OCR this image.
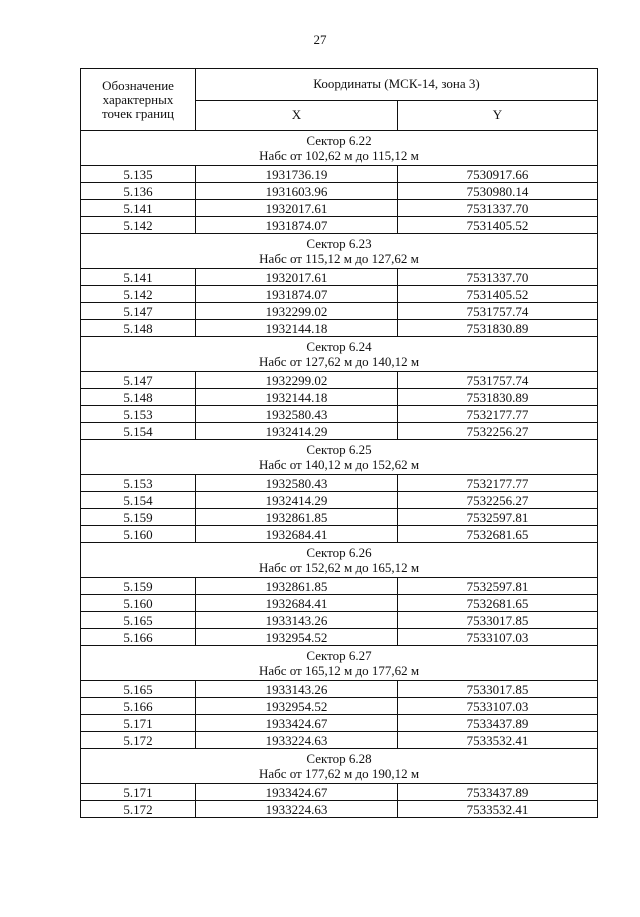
27
Обозначение
характерных
точек границ	Координаты (МСК-14, зона 3)	
	X	Y

Сектор 6.22
Набс от 102,62 м до 115,12 м		

5.135	1931736.19	7530917.66
5.136	1931603.96	7530980.14
5.141	1932017.61	7531337.70
5.142	1931874.07	7531405.52

Сектор 6.23
Набс от 115,12 м до 127,62 м		

5.141	1932017.61	7531337.70
5.142	1931874.07	7531405.52
5.147	1932299.02	7531757.74
5.148	1932144.18	7531830.89

Сектор 6.24
Набс от 127,62 м до 140,12 м		

5.147	1932299.02	7531757.74
5.148	1932144.18	7531830.89
5.153	1932580.43	7532177.77
5.154	1932414.29	7532256.27

Сектор 6.25
Набс от 140,12 м до 152,62 м		

5.153	1932580.43	7532177.77
5.154	1932414.29	7532256.27
5.159	1932861.85	7532597.81
5.160	1932684.41	7532681.65

Сектор 6.26
Набс от 152,62 м до 165,12 м		

5.159	1932861.85	7532597.81
5.160	1932684.41	7532681.65
5.165	1933143.26	7533017.85
5.166	1932954.52	7533107.03

Сектор 6.27
Набс от 165,12 м до 177,62 м		

5.165	1933143.26	7533017.85
5.166	1932954.52	7533107.03
5.171	1933424.67	7533437.89
5.172	1933224.63	7533532.41

Сектор 6.28
Набс от 177,62 м до 190,12 м		

5.171	1933424.67	7533437.89
5.172	1933224.63	7533532.41
